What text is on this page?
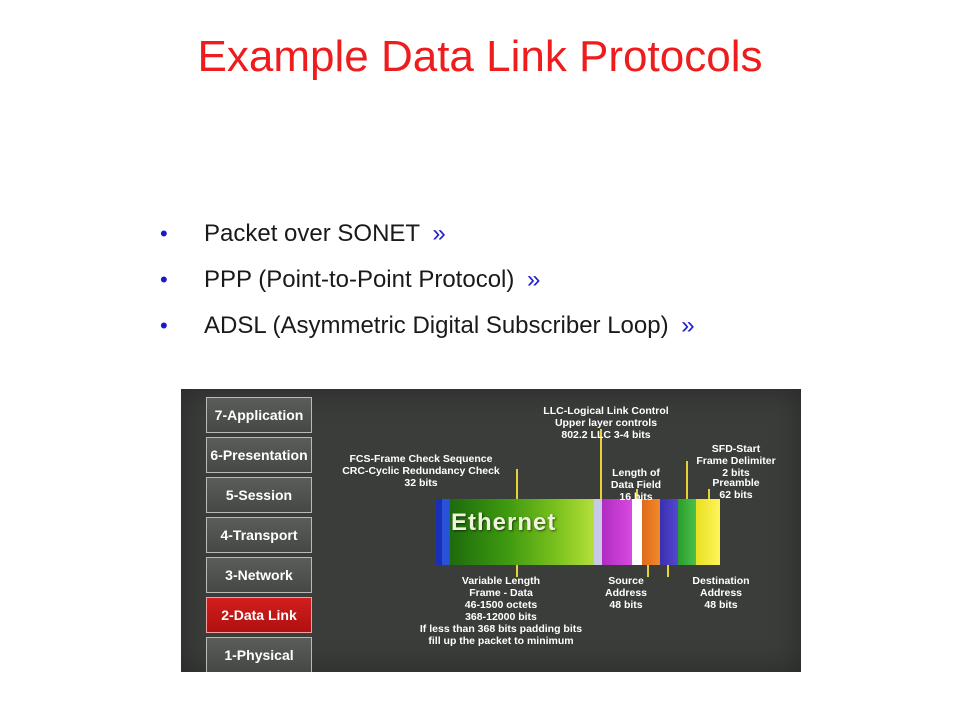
Example Data Link Protocols
• Packet over SONET »
• PPP (Point-to-Point Protocol) »
• ADSL (Asymmetric Digital Subscriber Loop) »
7-Application
6-Presentation
5-Session
4-Transport
3-Network
2-Data Link
1-Physical
Ethernet
LLC-Logical Link Control
Upper layer controls
802.2 LLC 3-4 bits
FCS-Frame Check Sequence
CRC-Cyclic Redundancy Check
32 bits
SFD-Start
Frame Delimiter
2 bits
Length of
Data Field
16 bits
Preamble
62 bits
Variable Length
Frame - Data
46-1500 octets
368-12000 bits
If less than 368 bits padding bits
fill up the packet to minimum
Source
Address
48 bits
Destination
Address
48 bits
